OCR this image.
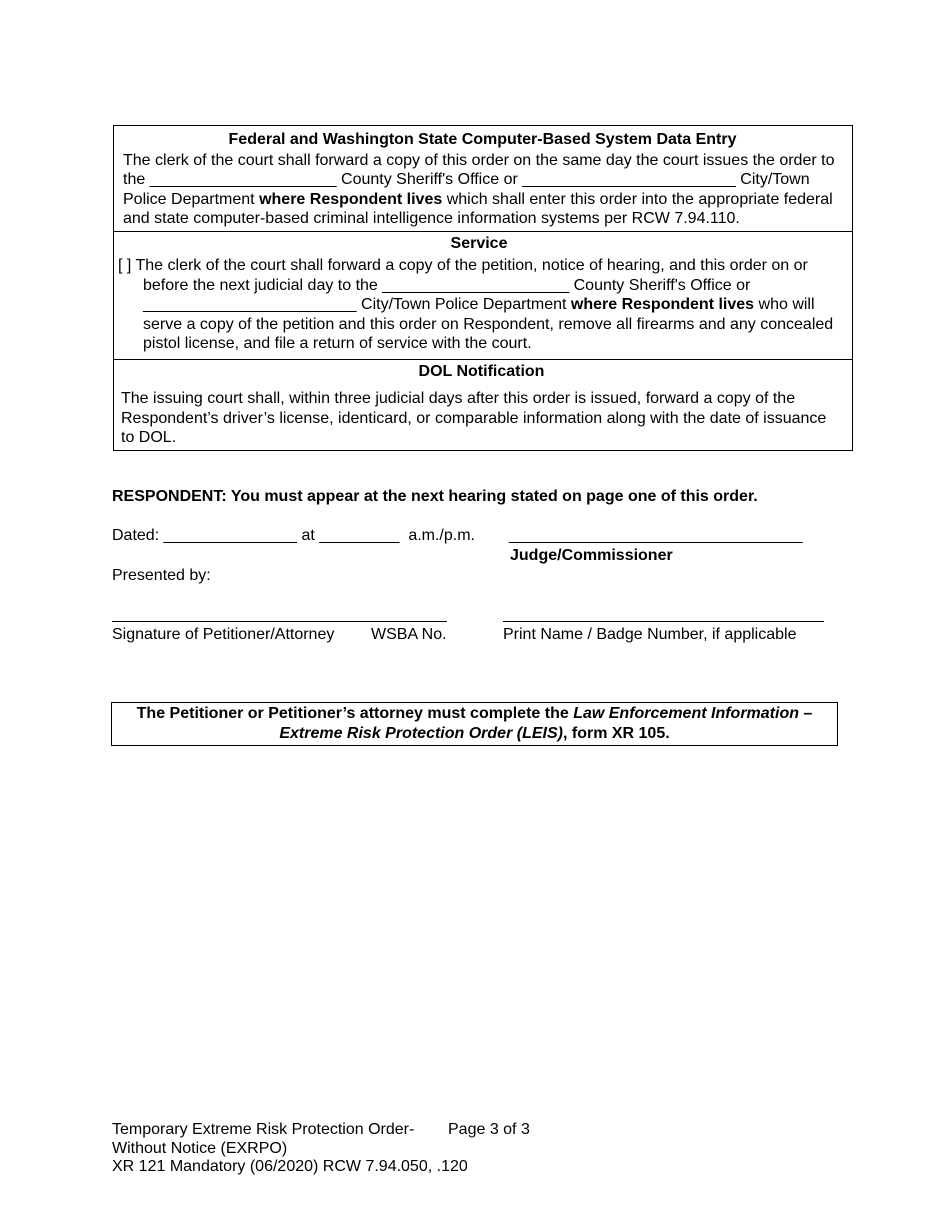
Federal and Washington State Computer-Based System Data Entry
The clerk of the court shall forward a copy of this order on the same day the court issues the order to the _____________________ County Sheriff's Office or ________________________ City/Town Police Department where Respondent lives which shall enter this order into the appropriate federal and state computer-based criminal intelligence information systems per RCW 7.94.110.
Service
[ ] The clerk of the court shall forward a copy of the petition, notice of hearing, and this order on or before the next judicial day to the _____________________ County Sheriff's Office or ________________________ City/Town Police Department where Respondent lives who will serve a copy of the petition and this order on Respondent, remove all firearms and any concealed pistol license, and file a return of service with the court.
DOL Notification
The issuing court shall, within three judicial days after this order is issued, forward a copy of the Respondent’s driver’s license, identicard, or comparable information along with the date of issuance to DOL.
RESPONDENT: You must appear at the next hearing stated on page one of this order.
Dated: _______________ at _________ a.m./p.m. _________________________________
Judge/Commissioner
Presented by:
Signature of Petitioner/Attorney WSBA No.	Print Name / Badge Number, if applicable
The Petitioner or Petitioner’s attorney must complete the Law Enforcement Information – Extreme Risk Protection Order (LEIS), form XR 105.
Temporary Extreme Risk Protection Order- Page 3 of 3
Without Notice (EXRPO)
XR 121 Mandatory (06/2020) RCW 7.94.050, .120
